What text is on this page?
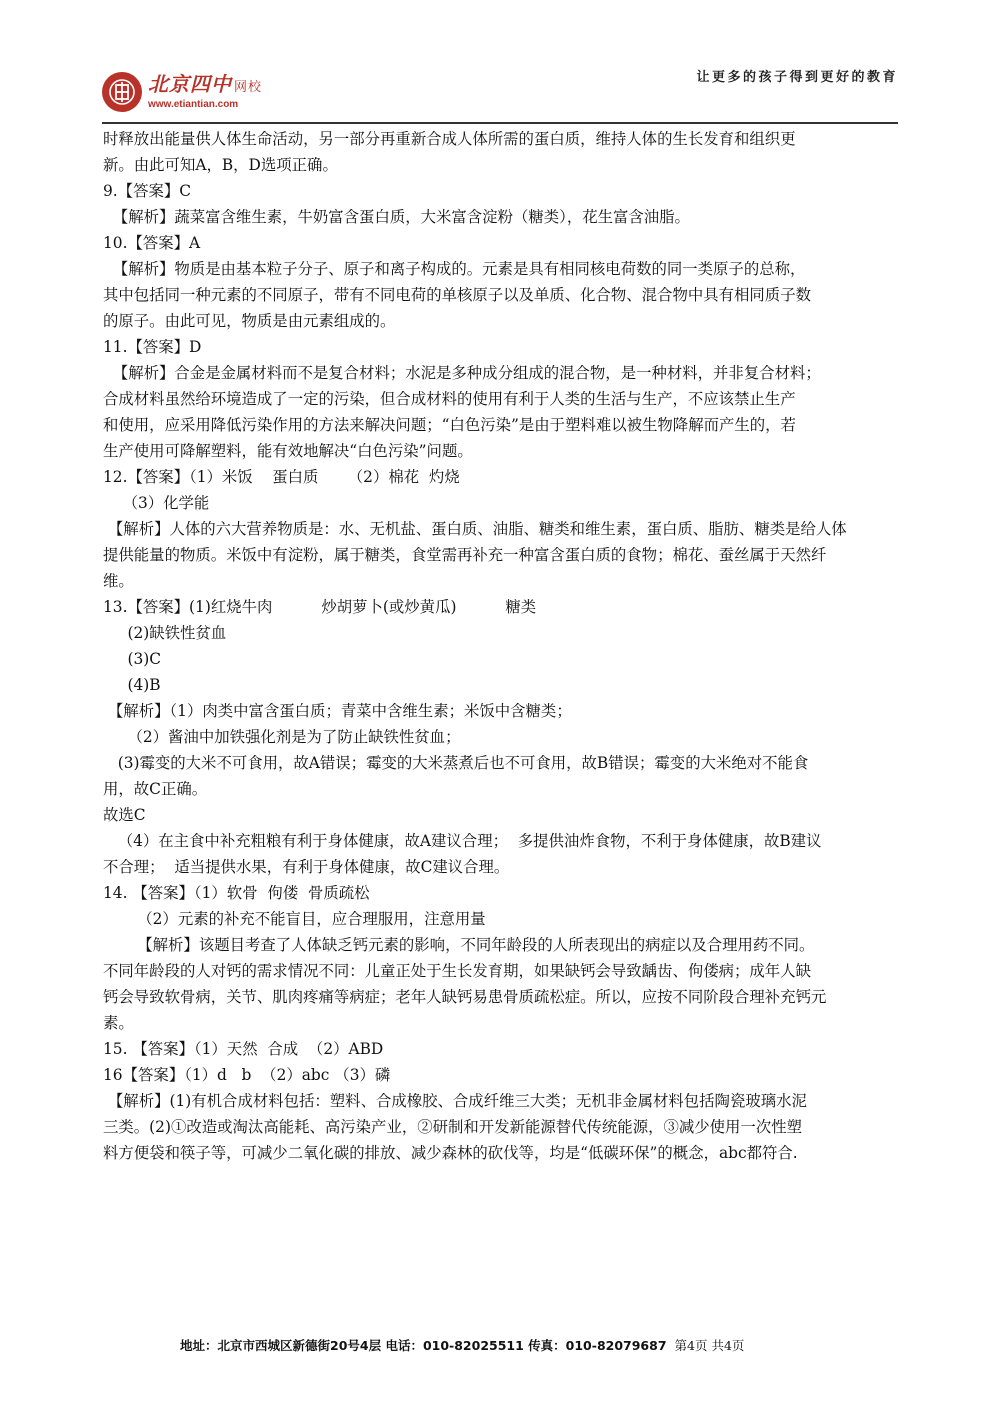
北京四中 网校
www.etiantian.com
让更多的孩子得到更好的教育

时释放出能量供人体生命活动，另一部分再重新合成人体所需的蛋白质，维持人体的生长发育和组织更

新。由此可知A，B，D选项正确。

9.【答案】C

【解析】蔬菜富含维生素，牛奶富含蛋白质，大米富含淀粉（糖类），花生富含油脂。

10.【答案】A

【解析】物质是由基本粒子分子、原子和离子构成的。元素是具有相同核电荷数的同一类原子的总称，

其中包括同一种元素的不同原子，带有不同电荷的单核原子以及单质、化合物、混合物中具有相同质子数

的原子。由此可见，物质是由元素组成的。

11.【答案】D

【解析】合金是金属材料而不是复合材料；水泥是多种成分组成的混合物，是一种材料，并非复合材料；

合成材料虽然给环境造成了一定的污染，但合成材料的使用有利于人类的生活与生产，不应该禁止生产

和使用，应采用降低污染作用的方法来解决问题；“白色污染”是由于塑料难以被生物降解而产生的，若

生产使用可降解塑料，能有效地解决“白色污染”问题。

12.【答案】（1）米饭    蛋白质      （2）棉花  灼烧

（3）化学能

【解析】人体的六大营养物质是：水、无机盐、蛋白质、油脂、糖类和维生素，蛋白质、脂肪、糖类是给人体

提供能量的物质。米饭中有淀粉，属于糖类，食堂需再补充一种富含蛋白质的食物；棉花、蚕丝属于天然纤

维。

13.【答案】(1)红烧牛肉          炒胡萝卜(或炒黄瓜)          糖类

(2)缺铁性贫血

(3)C

(4)B

【解析】（1）肉类中富含蛋白质；青菜中含维生素；米饭中含糖类；

（2）酱油中加铁强化剂是为了防止缺铁性贫血；

(3)霉变的大米不可食用，故A错误；霉变的大米蒸煮后也不可食用，故B错误；霉变的大米绝对不能食

用，故C正确。

故选C

（4）在主食中补充粗粮有利于身体健康，故A建议合理；  多提供油炸食物，不利于身体健康，故B建议

不合理；  适当提供水果，有利于身体健康，故C建议合理。

14. 【答案】（1）软骨  佝偻  骨质疏松

（2）元素的补充不能盲目，应合理服用，注意用量

【解析】该题目考查了人体缺乏钙元素的影响，不同年龄段的人所表现出的病症以及合理用药不同。

不同年龄段的人对钙的需求情况不同：儿童正处于生长发育期，如果缺钙会导致龋齿、佝偻病；成年人缺

钙会导致软骨病，关节、肌肉疼痛等病症；老年人缺钙易患骨质疏松症。所以，应按不同阶段合理补充钙元

素。

15. 【答案】（1）天然  合成  （2）ABD

16【答案】（1）d   b  （2）abc （3）磷

【解析】(1)有机合成材料包括：塑料、合成橡胶、合成纤维三大类；无机非金属材料包括陶瓷玻璃水泥

三类。(2)①改造或淘汰高能耗、高污染产业，②研制和开发新能源替代传统能源，③减少使用一次性塑

料方便袋和筷子等，可减少二氧化碳的排放、减少森林的砍伐等，均是“低碳环保”的概念，abc都符合.

地址：北京市西城区新德街20号4层 电话：010-82025511 传真：010-82079687 第4页 共4页
